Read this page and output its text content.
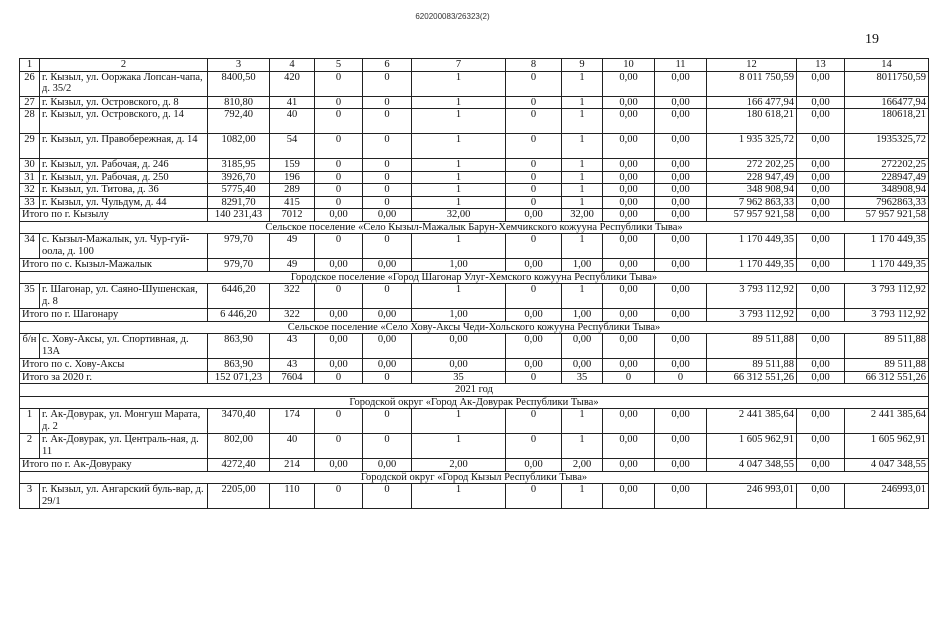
620200083/26323(2)
19
1	2	3	4	5	6	7	8	9	10	11	12	13	14
26	г. Кызыл, ул. Ооржака Лопсан-чапа, д. 35/2	8400,50	420	0	0	1	0	1	0,00	0,00	8 011 750,59	0,00	8011750,59
27	г. Кызыл, ул. Островского, д. 8	810,80	41	0	0	1	0	1	0,00	0,00	166 477,94	0,00	166477,94
28	г. Кызыл, ул. Островского, д. 14	792,40	40	0	0	1	0	1	0,00	0,00	180 618,21	0,00	180618,21
29	г. Кызыл, ул. Правобережная, д. 14	1082,00	54	0	0	1	0	1	0,00	0,00	1 935 325,72	0,00	1935325,72
30	г. Кызыл, ул. Рабочая, д. 246	3185,95	159	0	0	1	0	1	0,00	0,00	272 202,25	0,00	272202,25
31	г. Кызыл, ул. Рабочая, д. 250	3926,70	196	0	0	1	0	1	0,00	0,00	228 947,49	0,00	228947,49
32	г. Кызыл, ул. Титова, д. 36	5775,40	289	0	0	1	0	1	0,00	0,00	348 908,94	0,00	348908,94
33	г. Кызыл, ул. Чульдум, д. 44	8291,70	415	0	0	1	0	1	0,00	0,00	7 962 863,33	0,00	7962863,33
Итого по г. Кызылу		140 231,43	7012	0,00	0,00	32,00	0,00	32,00	0,00	0,00	57 957 921,58	0,00	57 957 921,58
Сельское поселение «Село Кызыл-Мажалык Барун-Хемчикского кожууна Республики Тыва»													
34	с. Кызыл-Мажалык, ул. Чур-гуй-оола, д. 100	979,70	49	0	0	1	0	1	0,00	0,00	1 170 449,35	0,00	1 170 449,35
Итого по с. Кызыл-Мажалык		979,70	49	0,00	0,00	1,00	0,00	1,00	0,00	0,00	1 170 449,35	0,00	1 170 449,35
Городское поселение «Город Шагонар Улуг-Хемского кожууна Республики Тыва»													
35	г. Шагонар, ул. Саяно-Шушенская, д. 8	6446,20	322	0	0	1	0	1	0,00	0,00	3 793 112,92	0,00	3 793 112,92
Итого по г. Шагонару		6 446,20	322	0,00	0,00	1,00	0,00	1,00	0,00	0,00	3 793 112,92	0,00	3 793 112,92
Сельское поселение «Село Хову-Аксы Чеди-Хольского кожууна Республики Тыва»													
б/н	с. Хову-Аксы, ул. Спортивная, д. 13А	863,90	43	0,00	0,00	0,00	0,00	0,00	0,00	0,00	89 511,88	0,00	89 511,88
Итого по с. Хову-Аксы		863,90	43	0,00	0,00	0,00	0,00	0,00	0,00	0,00	89 511,88	0,00	89 511,88
Итого за 2020 г.		152 071,23	7604	0	0	35	0	35	0	0	66 312 551,26	0,00	66 312 551,26
2021 год													
Городской округ «Город Ак-Довурак Республики Тыва»													
1	г. Ак-Довурак, ул. Монгуш Марата, д. 2	3470,40	174	0	0	1	0	1	0,00	0,00	2 441 385,64	0,00	2 441 385,64
2	г. Ак-Довурак, ул. Централь-ная, д. 11	802,00	40	0	0	1	0	1	0,00	0,00	1 605 962,91	0,00	1 605 962,91
Итого по г. Ак-Довураку		4272,40	214	0,00	0,00	2,00	0,00	2,00	0,00	0,00	4 047 348,55	0,00	4 047 348,55
Городской округ «Город Кызыл Республики Тыва»													
3	г. Кызыл, ул. Ангарский буль-вар, д. 29/1	2205,00	110	0	0	1	0	1	0,00	0,00	246 993,01	0,00	246993,01
